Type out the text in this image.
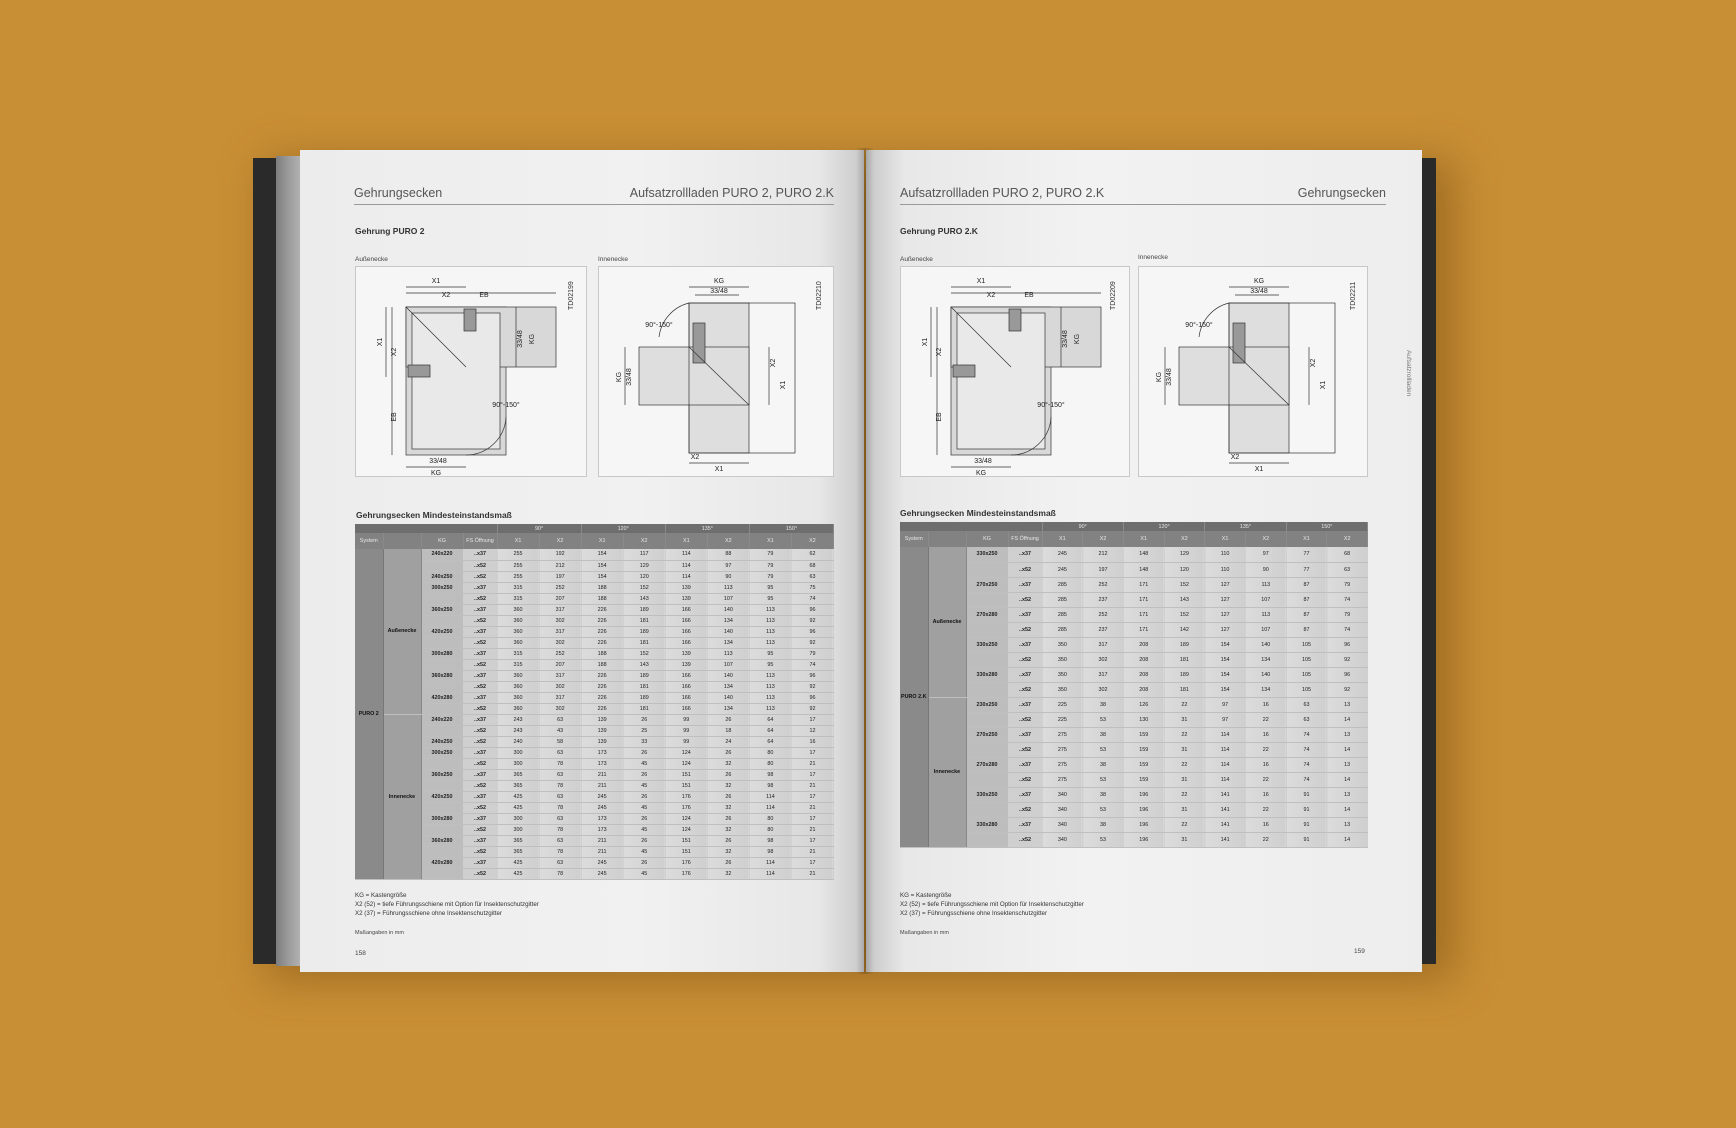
Gehrungsecken	Aufsatzrollladen PURO 2, PURO 2.K
Gehrung PURO 2
Außenecke
X1
X2	EB
X1
X2
EB
KG
33/48
33/48 KG
90°-150°
TD02199
Innenecke
KG
33/48
KG 33/48
X2
X1
X2
X1
90°-150°
TD02210
Gehrungsecken Mindesteinstandsmaß
				90°		120°		135°		150°	
System		KG	FS Öffnung	X1	X2	X1	X2	X1	X2	X1	X2
PURO 2	Außenecke	240x220	..x37	255	192	154	117	114	88	79	62
			..x52	255	212	154	129	114	97	79	68
		240x250	..x52	255	197	154	120	114	90	79	63
		300x250	..x37	315	252	188	152	139	113	95	75
			..x52	315	207	188	143	139	107	95	74
		360x250	..x37	360	317	226	189	166	140	113	96
			..x52	360	302	226	181	166	134	113	92
		420x250	..x37	360	317	226	189	166	140	113	96
			..x52	360	302	226	181	166	134	113	92
		300x280	..x37	315	252	188	152	139	113	95	79
			..x52	315	207	188	143	139	107	95	74
		360x280	..x37	360	317	226	189	166	140	113	96
			..x52	360	302	226	181	166	134	113	92
		420x280	..x37	360	317	226	189	166	140	113	96
			..x52	360	302	226	181	166	134	113	92
	Innenecke	240x220	..x37	243	63	139	26	99	26	64	17
			..x52	243	43	139	25	99	18	64	12
		240x250	..x52	240	58	139	33	99	24	64	16
		300x250	..x37	300	63	173	26	124	26	80	17
			..x52	300	78	173	45	124	32	80	21
		360x250	..x37	365	63	211	26	151	26	98	17
			..x52	365	78	211	45	151	32	98	21
		420x250	..x37	425	63	245	26	176	26	114	17
			..x52	425	78	245	45	176	32	114	21
		300x280	..x37	300	63	173	26	124	26	80	17
			..x52	300	78	173	45	124	32	80	21
		360x280	..x37	365	63	211	26	151	26	98	17
			..x52	365	78	211	45	151	32	98	21
		420x280	..x37	425	63	245	26	176	26	114	17
			..x52	425	78	245	45	176	32	114	21
KG = Kastengröße
X2 (52) = tiefe Führungsschiene mit Option für Insektenschutzgitter
X2 (37) = Führungsschiene ohne Insektenschutzgitter
Maßangaben in mm
158
Aufsatzrollladen PURO 2, PURO 2.K	Gehrungsecken
Gehrung PURO 2.K
Außenecke
X1
X2	EB
X1
X2
EB
KG
33/48
33/48 KG
90°-150°
TD02209
Innenecke
KG
33/48
KG 33/48
X2
X1
X2
X1
90°-150°
TD02211
Aufsatzrollladen
Gehrungsecken Mindesteinstandsmaß
				90°		120°		135°		150°	
System		KG	FS Öffnung	X1	X2	X1	X2	X1	X2	X1	X2
PURO 2.K	Außenecke	330x250	..x37	245	212	148	129	110	97	77	68
			..x52	245	197	148	120	110	90	77	63
		270x250	..x37	285	252	171	152	127	113	87	79
			..x52	285	237	171	143	127	107	87	74
		270x280	..x37	285	252	171	152	127	113	87	79
			..x52	285	237	171	142	127	107	87	74
		330x250	..x37	350	317	208	189	154	140	105	96
			..x52	350	302	208	181	154	134	105	92
		330x280	..x37	350	317	208	189	154	140	105	96
			..x52	350	302	208	181	154	134	105	92
	Innenecke	230x250	..x37	225	38	126	22	97	16	63	13
			..x52	225	53	130	31	97	22	63	14
		270x250	..x37	275	38	159	22	114	16	74	13
			..x52	275	53	159	31	114	22	74	14
		270x280	..x37	275	38	159	22	114	16	74	13
			..x52	275	53	159	31	114	22	74	14
		330x250	..x37	340	38	196	22	141	16	91	13
			..x52	340	53	196	31	141	22	91	14
		330x280	..x37	340	38	196	22	141	16	91	13
			..x52	340	53	196	31	141	22	91	14
KG = Kastengröße
X2 (52) = tiefe Führungsschiene mit Option für Insektenschutzgitter
X2 (37) = Führungsschiene ohne Insektenschutzgitter
Maßangaben in mm
159
